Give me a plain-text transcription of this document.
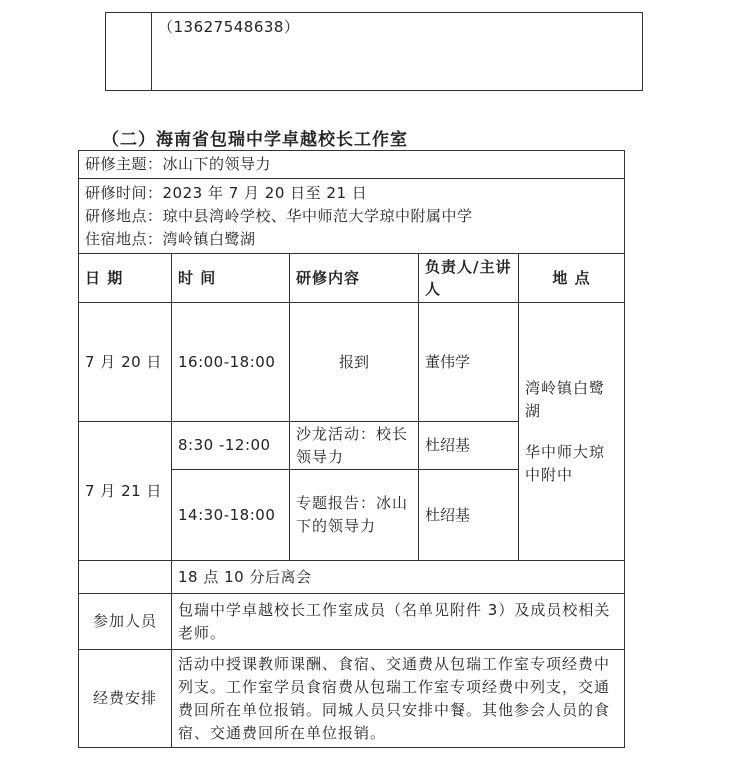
（13627548638）
（二）海南省包瑞中学卓越校长工作室
研修主题：冰山下的领导力				

研修时间：2023 年 7 月 20 日至 21 日
研修地点：琼中县湾岭学校、华中师范大学琼中附属中学
住宿地点：湾岭镇白鹭湖				

日 期	时 间	研修内容	负责人/主讲人	地 点
7 月 20 日	16:00-18:00	报到	董伟学	湾岭镇白鹭湖
华中师大琼中附中

7 月 21 日	8:30 -12:00	沙龙活动：校长领导力	杜绍基	
	14:30-18:00	专题报告：冰山下的领导力	杜绍基	
	18 点 10 分后离会			
参加人员	包瑞中学卓越校长工作室成员（名单见附件 3）及成员校相关老师。			
经费安排	活动中授课教师课酬、食宿、交通费从包瑞工作室专项经费中列支。工作室学员食宿费从包瑞工作室专项经费中列支，交通费回所在单位报销。同城人员只安排中餐。其他参会人员的食宿、交通费回所在单位报销。			
